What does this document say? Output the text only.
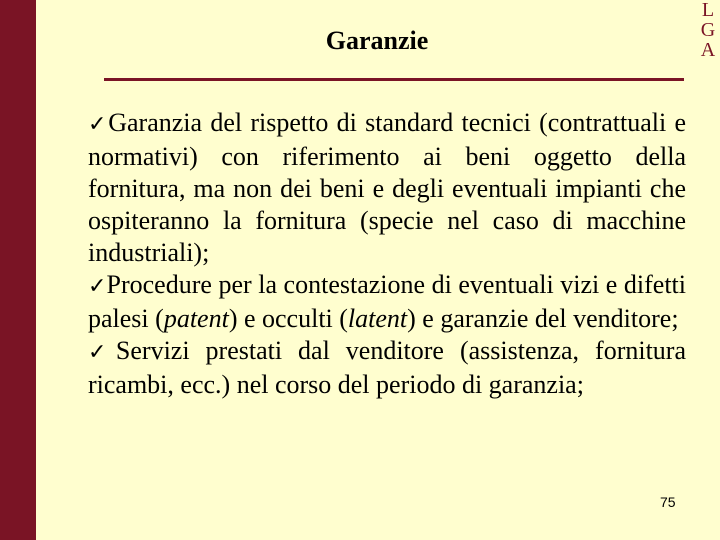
L
G
A
Garanzie

✓Garanzia del rispetto di standard tecnici (contrattuali e normativi) con riferimento ai beni oggetto della fornitura, ma non dei beni e degli eventuali impianti che ospiteranno la fornitura (specie nel caso di macchine industriali);

✓Procedure per la contestazione di eventuali vizi e difetti palesi (patent) e occulti (latent) e garanzie del venditore;

✓Servizi prestati dal venditore (assistenza, fornitura ricambi, ecc.) nel corso del periodo di garanzia;

75
